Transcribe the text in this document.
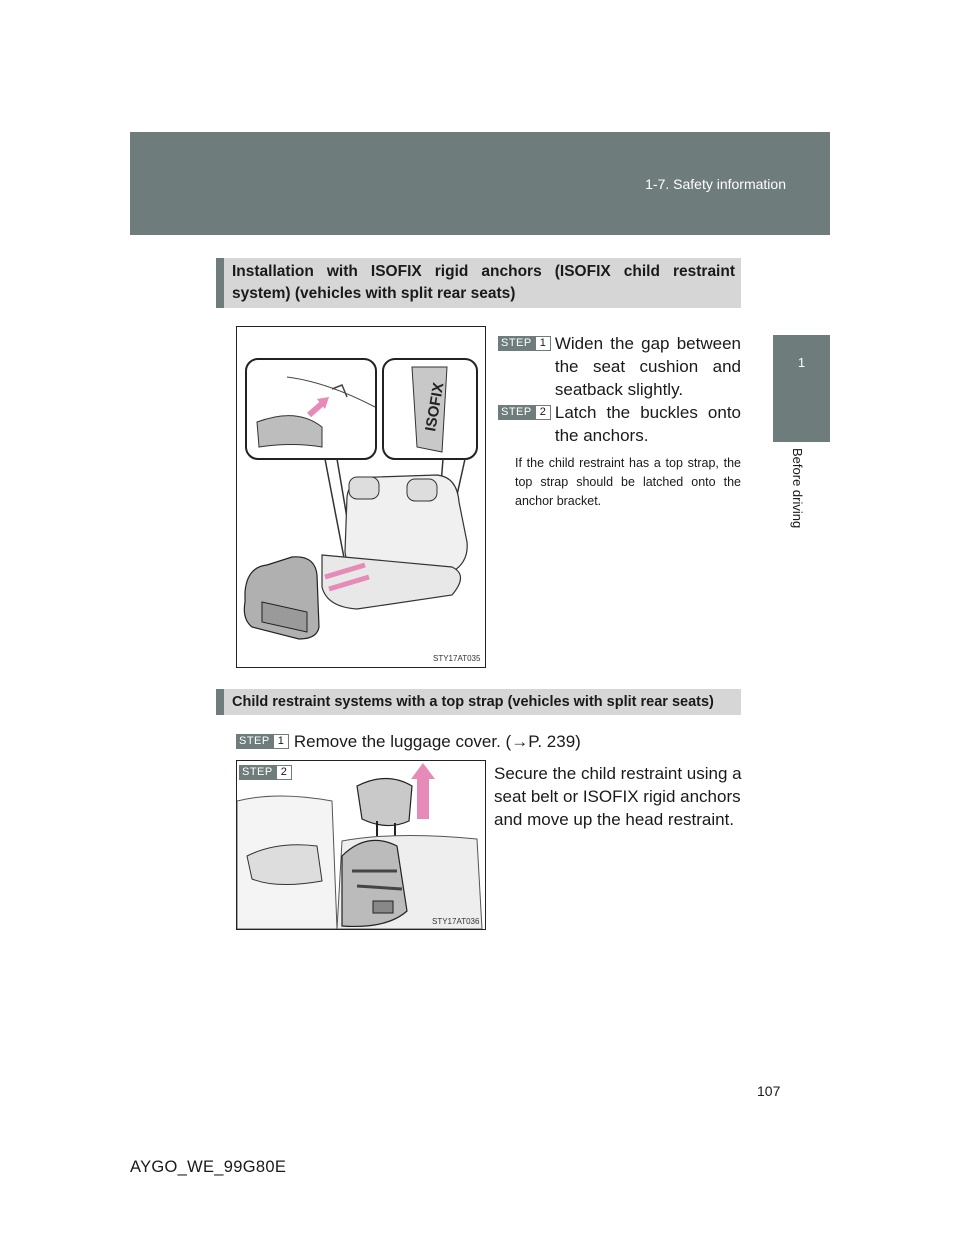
1-7. Safety information
1
Before driving
Installation with ISOFIX rigid anchors (ISOFIX child restraint system) (vehicles with split rear seats)
ISOFIX
STY17AT035
STEP 1 Widen the gap between the seat cushion and seatback slightly.
STEP 2 Latch the buckles onto the anchors.
If the child restraint has a top strap, the top strap should be latched onto the anchor bracket.
Child restraint systems with a top strap (vehicles with split rear seats)
STEP 1 Remove the luggage cover. (→P. 239)
STY17AT036
STEP 2	Secure the child restraint using a seat belt or ISOFIX rigid anchors and move up the head restraint.
107
AYGO_WE_99G80E
